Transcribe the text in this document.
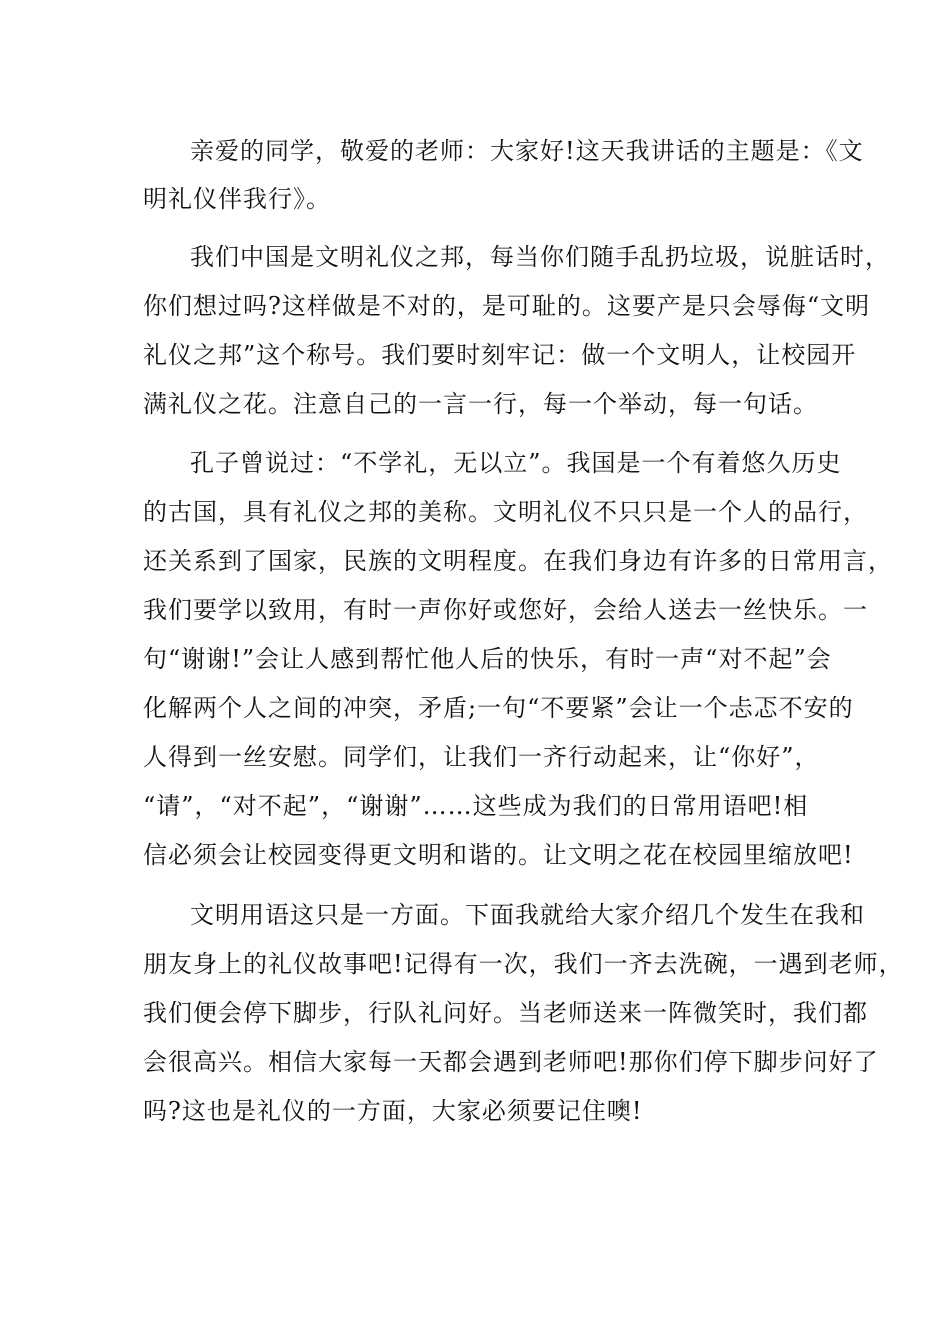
亲爱的同学，敬爱的老师：大家好!这天我讲话的主题是：《文
明礼仪伴我行》。
我们中国是文明礼仪之邦，每当你们随手乱扔垃圾，说脏话时，
你们想过吗?这样做是不对的，是可耻的。这要产是只会辱侮“文明
礼仪之邦”这个称号。我们要时刻牢记：做一个文明人，让校园开
满礼仪之花。注意自己的一言一行，每一个举动，每一句话。
孔子曾说过：“不学礼，无以立”。我国是一个有着悠久历史
的古国，具有礼仪之邦的美称。文明礼仪不只只是一个人的品行，
还关系到了国家，民族的文明程度。在我们身边有许多的日常用言，
我们要学以致用，有时一声你好或您好，会给人送去一丝快乐。一
句“谢谢!”会让人感到帮忙他人后的快乐，有时一声“对不起”会
化解两个人之间的冲突，矛盾;一句“不要紧”会让一个忐忑不安的
人得到一丝安慰。同学们，让我们一齐行动起来，让“你好”，
“请”，“对不起”，“谢谢”……这些成为我们的日常用语吧!相
信必须会让校园变得更文明和谐的。让文明之花在校园里缩放吧!
文明用语这只是一方面。下面我就给大家介绍几个发生在我和
朋友身上的礼仪故事吧!记得有一次，我们一齐去洗碗，一遇到老师，
我们便会停下脚步，行队礼问好。当老师送来一阵微笑时，我们都
会很高兴。相信大家每一天都会遇到老师吧!那你们停下脚步问好了
吗?这也是礼仪的一方面，大家必须要记住噢!
